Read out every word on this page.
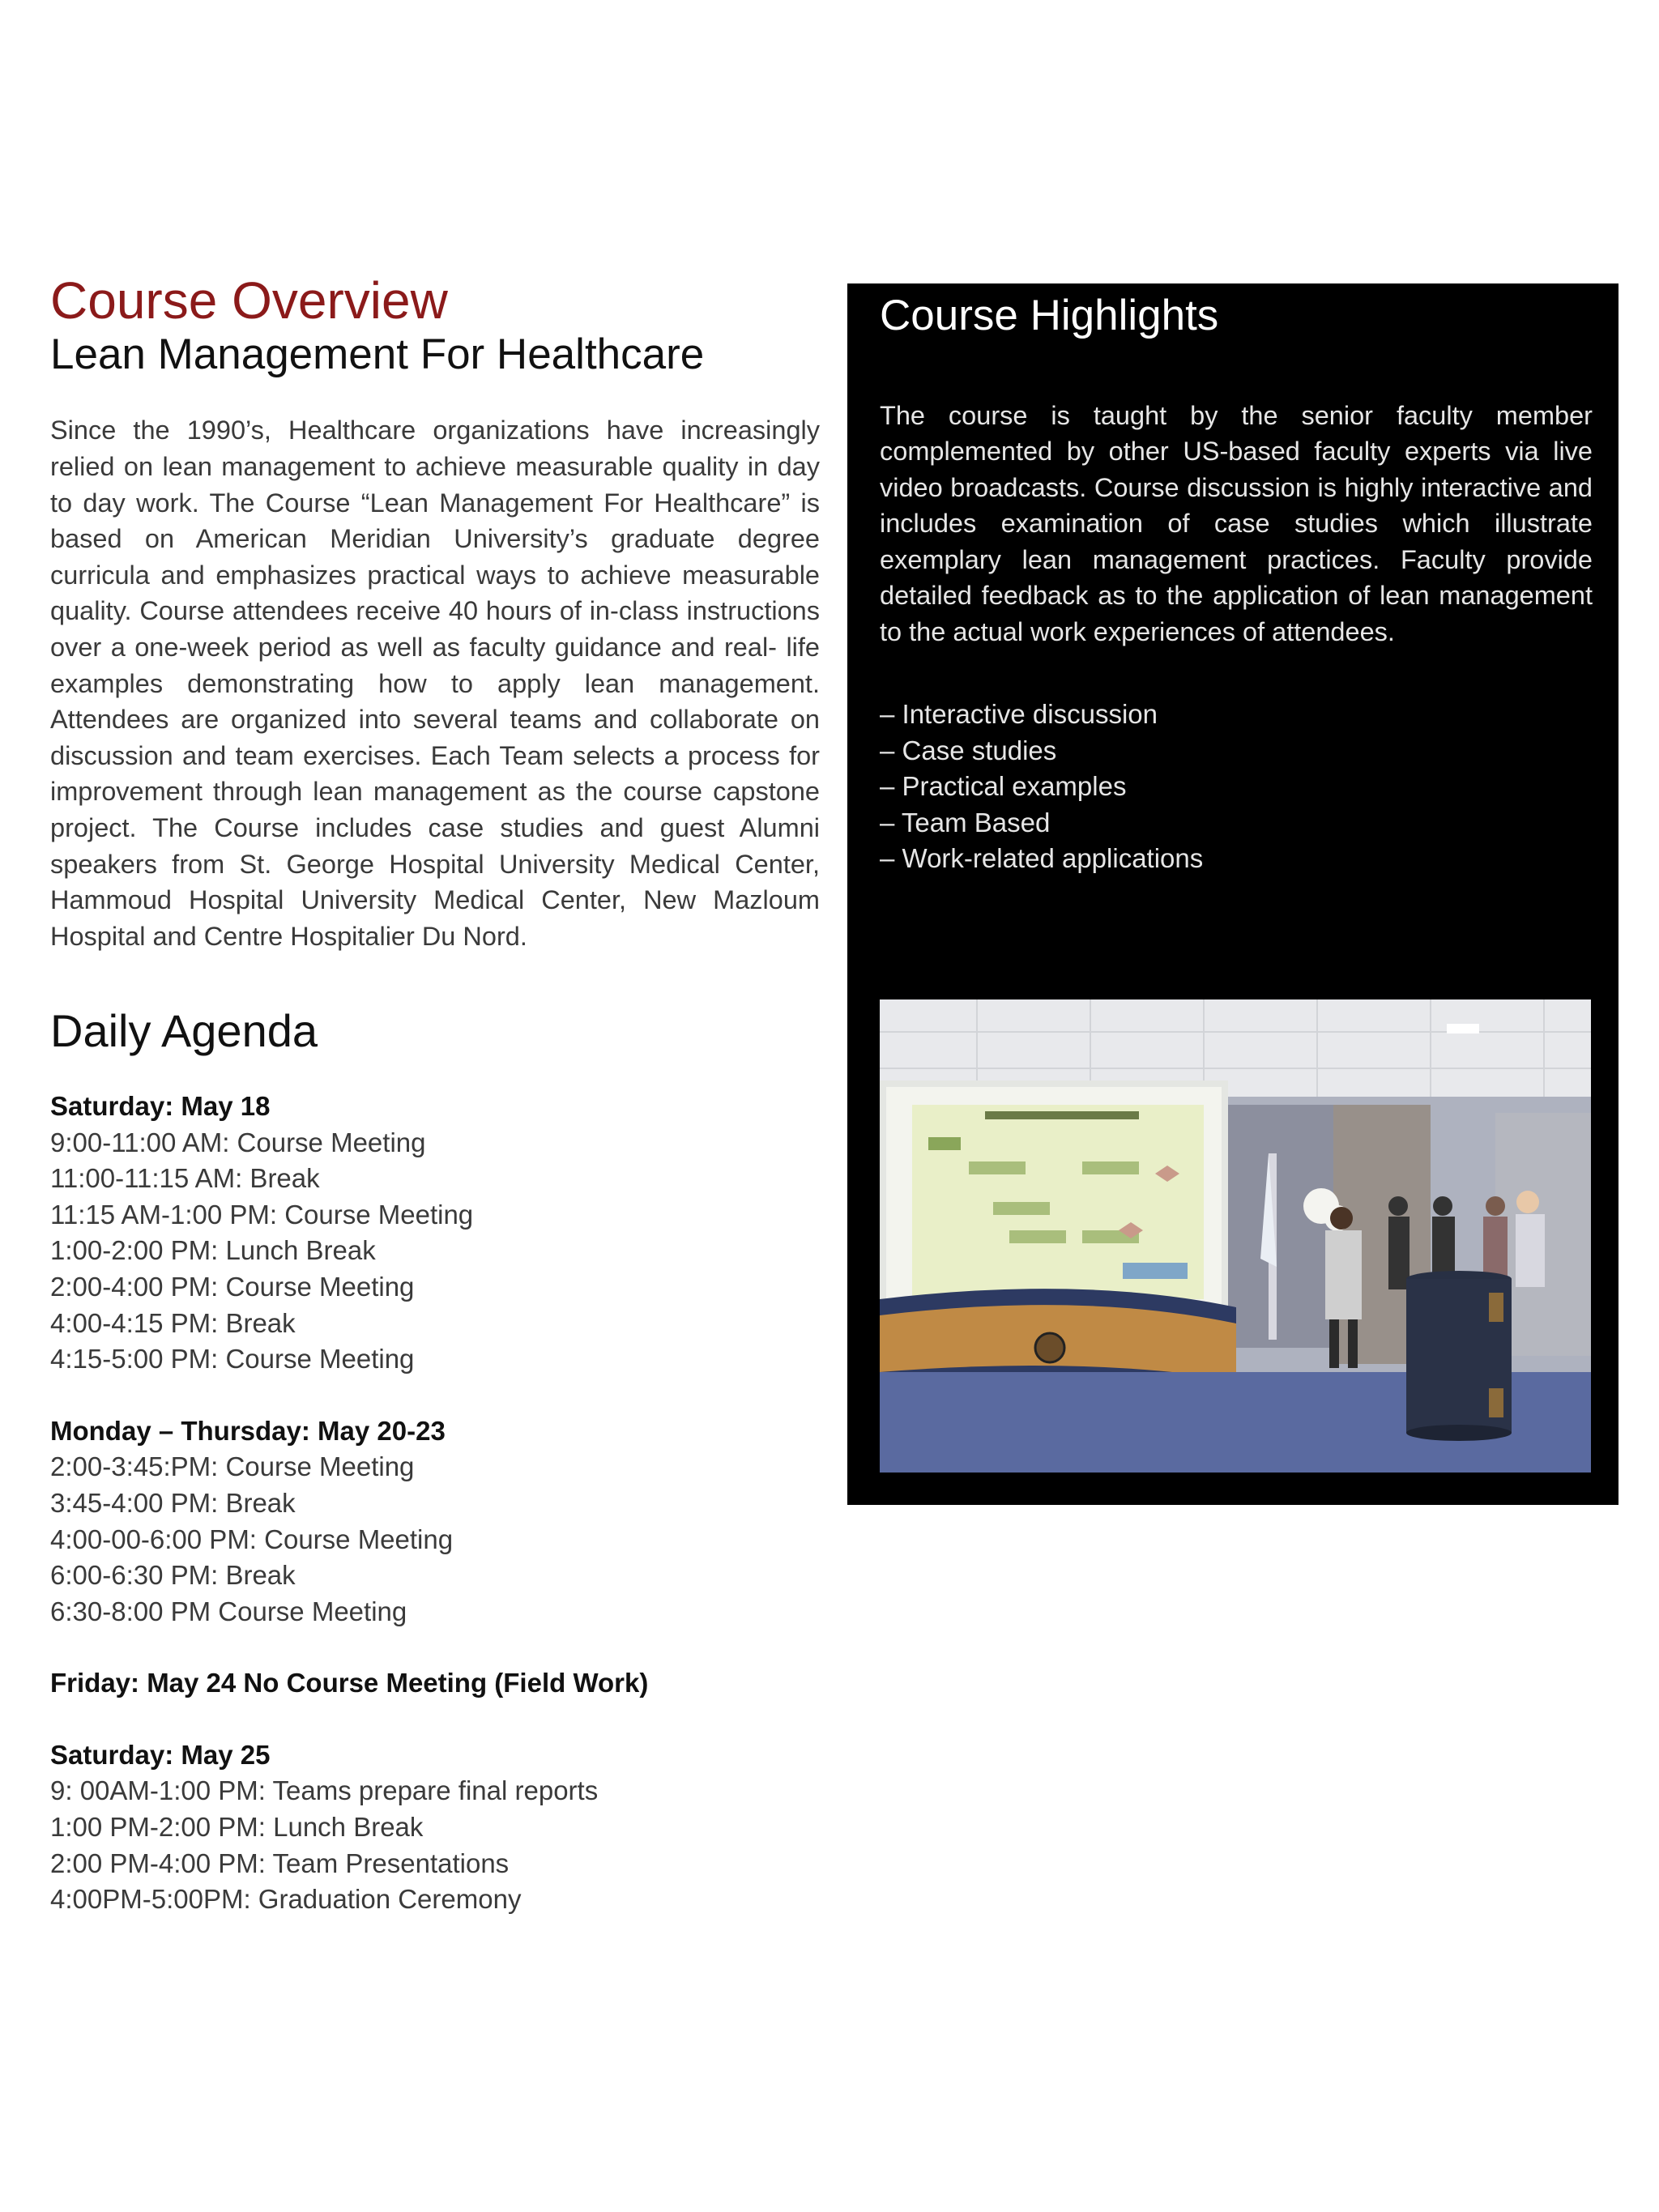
Course Overview
Lean Management For Healthcare

Since the 1990’s, Healthcare organizations have increasingly relied on lean management to achieve measurable quality in day to day work. The Course “Lean Management For Healthcare” is based on American Meridian University’s graduate degree curricula and emphasizes practical ways to achieve measurable quality. Course attendees receive 40 hours of in-class instructions over a one-week period as well as faculty guidance and real- life examples demonstrating how to apply lean management. Attendees are organized into several teams and collaborate on discussion and team exercises. Each Team selects a process for improvement through lean management as the course capstone project. The Course includes case studies and guest Alumni speakers from St. George Hospital University Medical Center, Hammoud Hospital University Medical Center, New Mazloum Hospital and Centre Hospitalier Du Nord.

Daily Agenda
Saturday: May 18
9:00-11:00 AM: Course Meeting
11:00-11:15 AM: Break
11:15 AM-1:00 PM: Course Meeting
1:00-2:00 PM: Lunch Break
2:00-4:00 PM: Course Meeting
4:00-4:15 PM: Break
4:15-5:00 PM: Course Meeting
Monday – Thursday: May 20-23
2:00-3:45:PM: Course Meeting
3:45-4:00 PM: Break
4:00-00-6:00 PM: Course Meeting
6:00-6:30 PM: Break
6:30-8:00 PM Course Meeting
Friday: May 24 No Course Meeting (Field Work)
Saturday: May 25
9: 00AM-1:00 PM: Teams prepare final reports
1:00 PM-2:00 PM: Lunch Break
2:00 PM-4:00 PM: Team Presentations
4:00PM-5:00PM: Graduation Ceremony
Course Highlights

The course is taught by the senior faculty member complemented by other US-based faculty experts via live video broadcasts. Course discussion is highly interactive and includes examination of case studies which illustrate exemplary lean management practices. Faculty provide detailed feedback as to the application of lean management to the actual work experiences of attendees.

– Interactive discussion
– Case studies
– Practical examples
– Team Based
– Work-related applications
